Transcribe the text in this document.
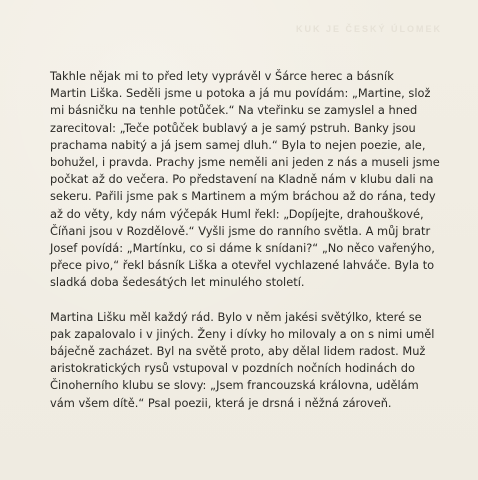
KUK JE ČESKÝ ÚLOMEK
Takhle nějak mi to před lety vyprávěl v Šárce herec a básník
Martin Liška. Seděli jsme u potoka a já mu povídám: „Martine, slož
mi básničku na tenhle potůček.“ Na vteřinku se zamyslel a hned
zarecitoval: „Teče potůček bublavý a je samý pstruh. Banky jsou
prachama nabitý a já jsem samej dluh.“ Byla to nejen poezie, ale,
bohužel, i pravda. Prachy jsme neměli ani jeden z nás a museli jsme
počkat až do večera. Po představení na Kladně nám v klubu dali na
sekeru. Pařili jsme pak s Martinem a mým bráchou až do rána, tedy
až do věty, kdy nám výčepák Huml řekl: „Dopíjejte, drahouškové,
Číňani jsou v Rozdělově.“ Vyšli jsme do ranního světla. A můj bratr
Josef povídá: „Martínku, co si dáme k snídani?“ „No něco vařenýho,
přece pivo,“ řekl básník Liška a otevřel vychlazené lahváče. Byla to
sladká doba šedesátých let minulého století.
Martina Lišku měl každý rád. Bylo v něm jakési světýlko, které se
pak zapalovalo i v jiných. Ženy i dívky ho milovaly a on s nimi uměl
báječně zacházet. Byl na světě proto, aby dělal lidem radost. Muž
aristokratických rysů vstupoval v pozdních nočních hodinách do
Činoherního klubu se slovy: „Jsem francouzská královna, udělám
vám všem dítě.“ Psal poezii, která je drsná i něžná zároveň.
